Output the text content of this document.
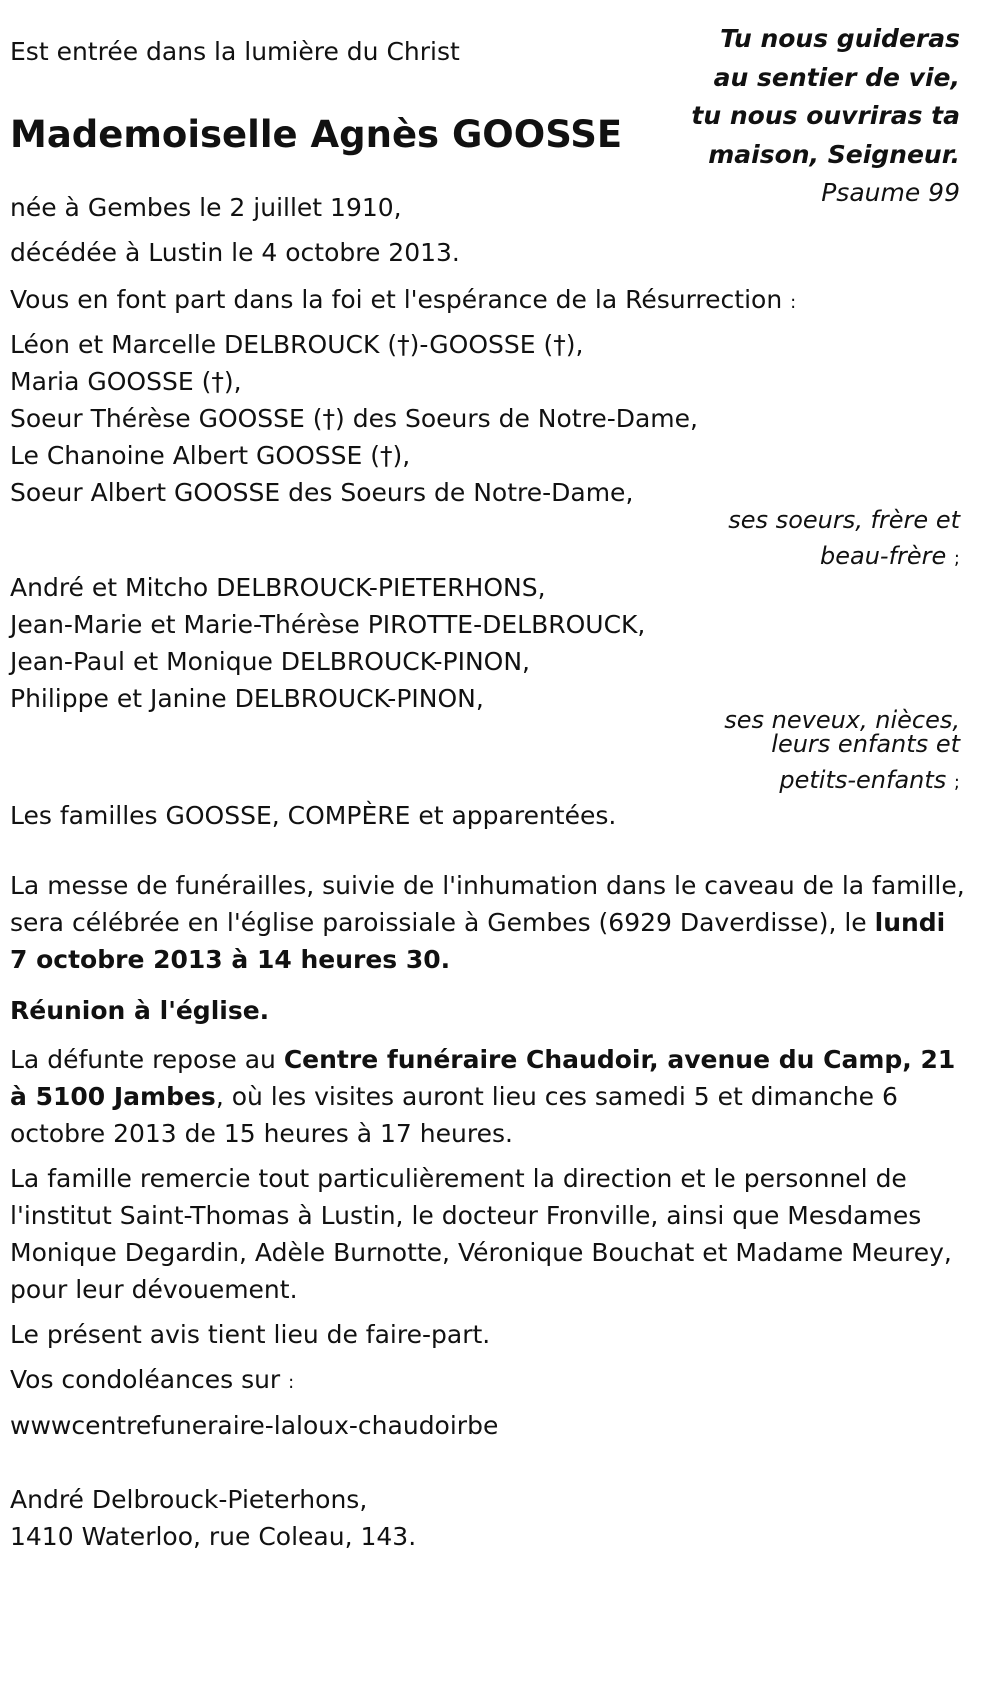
Est entrée dans la lumière du Christ
Mademoiselle Agnès GOOSSE
Tu nous guideras
au sentier de vie,
tu nous ouvriras ta
maison, Seigneur.
Psaume 99
née à Gembes le 2 juillet 1910,
décédée à Lustin le 4 octobre 2013.
Vous en font part dans la foi et l'espérance de la Résurrection :
Léon et Marcelle DELBROUCK (†)-GOOSSE (†),
Maria GOOSSE (†),
Soeur Thérèse GOOSSE (†) des Soeurs de Notre-Dame,
Le Chanoine Albert GOOSSE (†),
Soeur Albert GOOSSE des Soeurs de Notre-Dame,
ses soeurs, frère et
beau-frère ;
André et Mitcho DELBROUCK-PIETERHONS,
Jean-Marie et Marie-Thérèse PIROTTE-DELBROUCK,
Jean-Paul et Monique DELBROUCK-PINON,
Philippe et Janine DELBROUCK-PINON,
ses neveux, nièces,
leurs enfants et
petits-enfants ;
Les familles GOOSSE, COMPÈRE et apparentées.
La messe de funérailles, suivie de l'inhumation dans le caveau de la famille, sera célébrée en l'église paroissiale à Gembes (6929 Daverdisse), le lundi 7 octobre 2013 à 14 heures 30.
Réunion à l'église.
La défunte repose au Centre funéraire Chaudoir, avenue du Camp, 21 à 5100 Jambes, où les visites auront lieu ces samedi 5 et dimanche 6 octobre 2013 de 15 heures à 17 heures.
La famille remercie tout particulièrement la direction et le personnel de l'institut Saint-Thomas à Lustin, le docteur Fronville, ainsi que Mesdames Monique Degardin, Adèle Burnotte, Véronique Bouchat et Madame Meurey, pour leur dévouement.
Le présent avis tient lieu de faire-part.
Vos condoléances sur :
wwwcentrefuneraire-laloux-chaudoirbe
André Delbrouck-Pieterhons,
1410 Waterloo, rue Coleau, 143.
